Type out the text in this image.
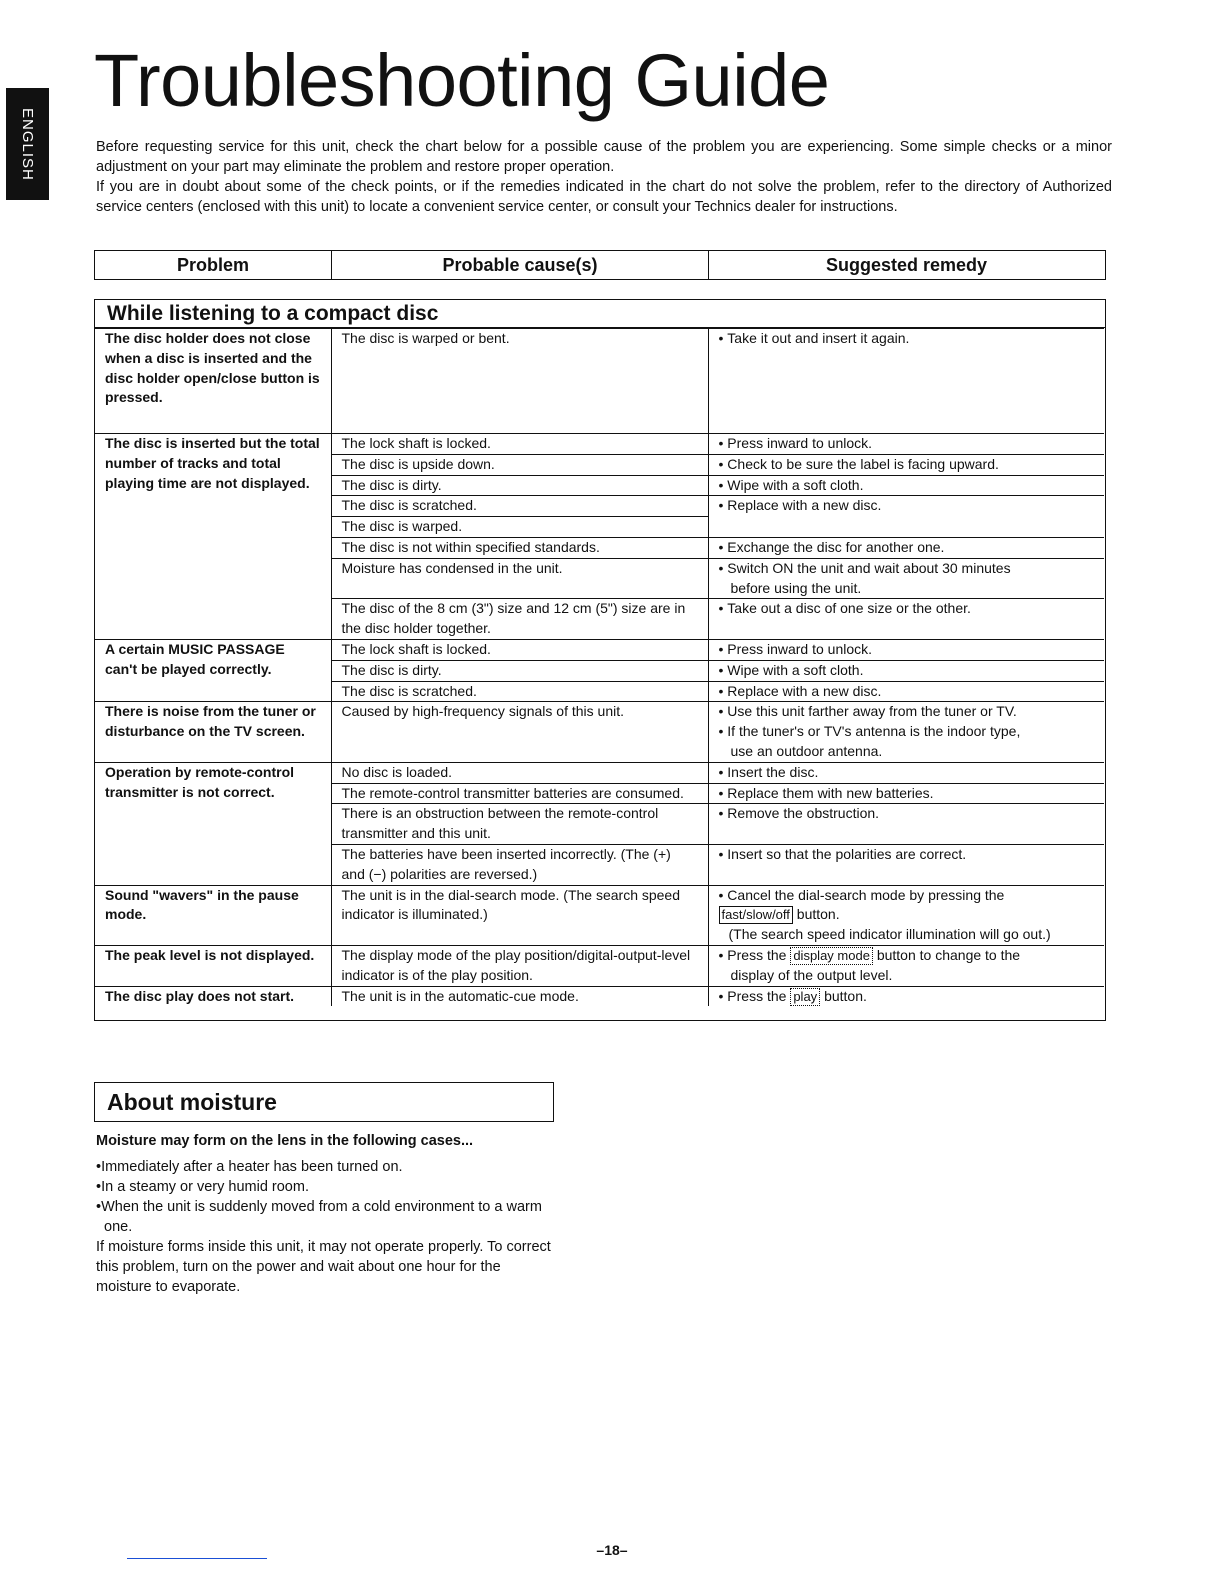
ENGLISH
Troubleshooting Guide

Before requesting service for this unit, check the chart below for a possible cause of the problem you are experiencing. Some simple checks or a minor adjustment on your part may eliminate the problem and restore proper operation.

If you are in doubt about some of the check points, or if the remedies indicated in the chart do not solve the problem, refer to the directory of Authorized service centers (enclosed with this unit) to locate a convenient service center, or consult your Technics dealer for instructions.

Problem	Probable cause(s)	Suggested remedy
While listening to a compact disc
The disc holder does not close when a disc is inserted and the disc holder open/close button is pressed.	The disc is warped or bent.	• Take it out and insert it again.
The disc is inserted but the total number of tracks and total playing time are not displayed.	The lock shaft is locked.	• Press inward to unlock.
	The disc is upside down.	• Check to be sure the label is facing upward.
	The disc is dirty.	• Wipe with a soft cloth.
	The disc is scratched.	• Replace with a new disc.
	The disc is warped.	
	The disc is not within specified standards.	• Exchange the disc for another one.
	Moisture has condensed in the unit.	• Switch ON the unit and wait about 30 minutes
before using the unit.
	The disc of the 8 cm (3") size and 12 cm (5") size are in the disc holder together.	• Take out a disc of one size or the other.
A certain MUSIC PASSAGE can't be played correctly.	The lock shaft is locked.	• Press inward to unlock.
	The disc is dirty.	• Wipe with a soft cloth.
	The disc is scratched.	• Replace with a new disc.
There is noise from the tuner or disturbance on the TV screen.	Caused by high-frequency signals of this unit.	• Use this unit farther away from the tuner or TV.
• If the tuner's or TV's antenna is the indoor type,
use an outdoor antenna.
Operation by remote-control transmitter is not correct.	No disc is loaded.	• Insert the disc.
	The remote-control transmitter batteries are consumed.	• Replace them with new batteries.
	There is an obstruction between the remote-control transmitter and this unit.	• Remove the obstruction.
	The batteries have been inserted incorrectly. (The (+) and (−) polarities are reversed.)	• Insert so that the polarities are correct.
Sound "wavers" in the pause mode.	The unit is in the dial-search mode. (The search speed indicator is illuminated.)	• Cancel the dial-search mode by pressing the
fast/slow/off button.
(The search speed indicator illumination will go out.)
The peak level is not displayed.	The display mode of the play position/digital-output-level indicator is of the play position.	• Press the display mode button to change to the
display of the output level.
The disc play does not start.	The unit is in the automatic-cue mode.	• Press the play button.
About moisture
Moisture may form on the lens in the following cases...
•Immediately after a heater has been turned on.
•In a steamy or very humid room.
•When the unit is suddenly moved from a cold environment to a warm one.
If moisture forms inside this unit, it may not operate properly. To correct this problem, turn on the power and wait about one hour for the moisture to evaporate.
–18–
